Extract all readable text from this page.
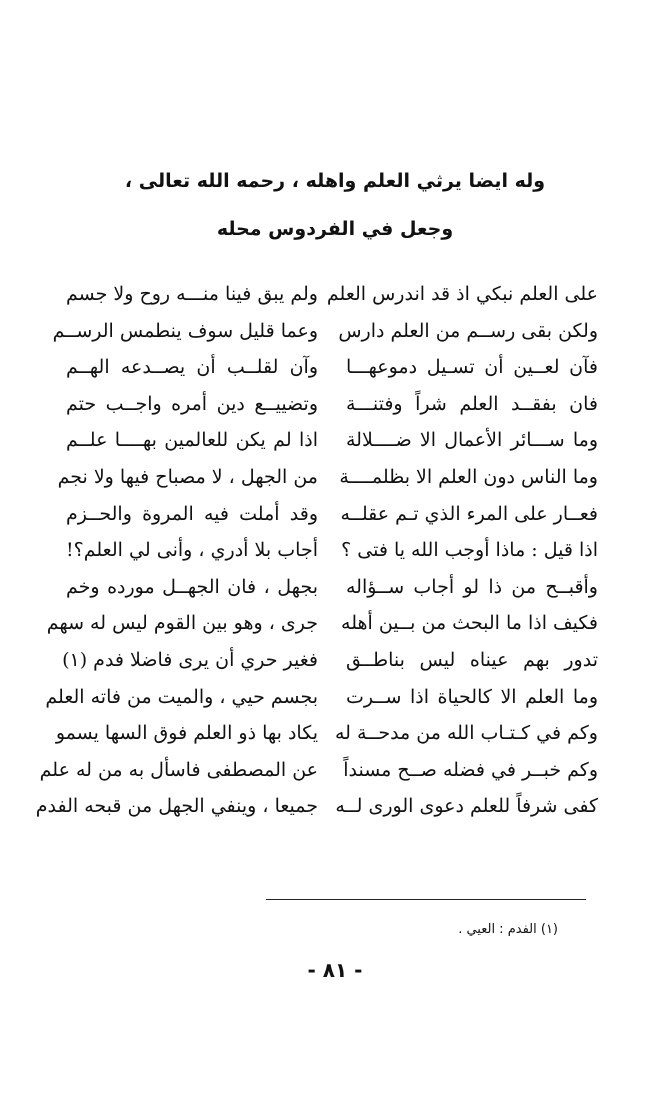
وله ايضا يرثي العلم واهله ، رحمه الله تعالى ،
وجعل في الفردوس محله
على العلم نبكي اذ قد اندرس العلم
ولكن بقى رســم من العلم دارس
فآن لعــين أن تسـيل دموعهـــا
فان بفقــد العلم شراً وفتنـــة
وما ســـائر الأعمال الا ضــــلالة
وما الناس دون العلم الا بظلمــــة
فعــار على المرء الذي تـم عقلــه
اذا قيل : ماذا أوجب الله يا فتى ؟
وأقبــح من ذا لو أجاب ســؤاله
فكيف اذا ما البحث من بــين أهله
تدور بهم عيناه ليس بناطــق
وما العلم الا كالحياة اذا ســرت
وكم في كـتـاب الله من مدحــة له
وكم خبــر في فضله صــح مسنداً
كفى شرفاً للعلم دعوى الورى لــه
ولم يبق فينا منـــه روح ولا جسم
وعما قليل سوف ينطمس الرســم
وآن لقلــب أن يصــدعه الهــم
وتضييــع دين أمره واجــب حتم
اذا لم يكن للعالمين بهــــا علــم
من الجهل ، لا مصباح فيها ولا نجم
وقد أملت فيه المروة والحــزم
أجاب بلا أدري ، وأنى لي العلم؟!
بجهل ، فان الجهــل مورده وخم
جرى ، وهو بين القوم ليس له سهم
فغير حري أن يرى فاضلا فدم (١)
بجسم حيي ، والميت من فاته العلم
يكاد بها ذو العلم فوق السها يسمو
عن المصطفى فاسأل به من له علم
جميعا ، وينفي الجهل من قبحه الفدم
(١) الفدم : العيي .
- ٨١ -
